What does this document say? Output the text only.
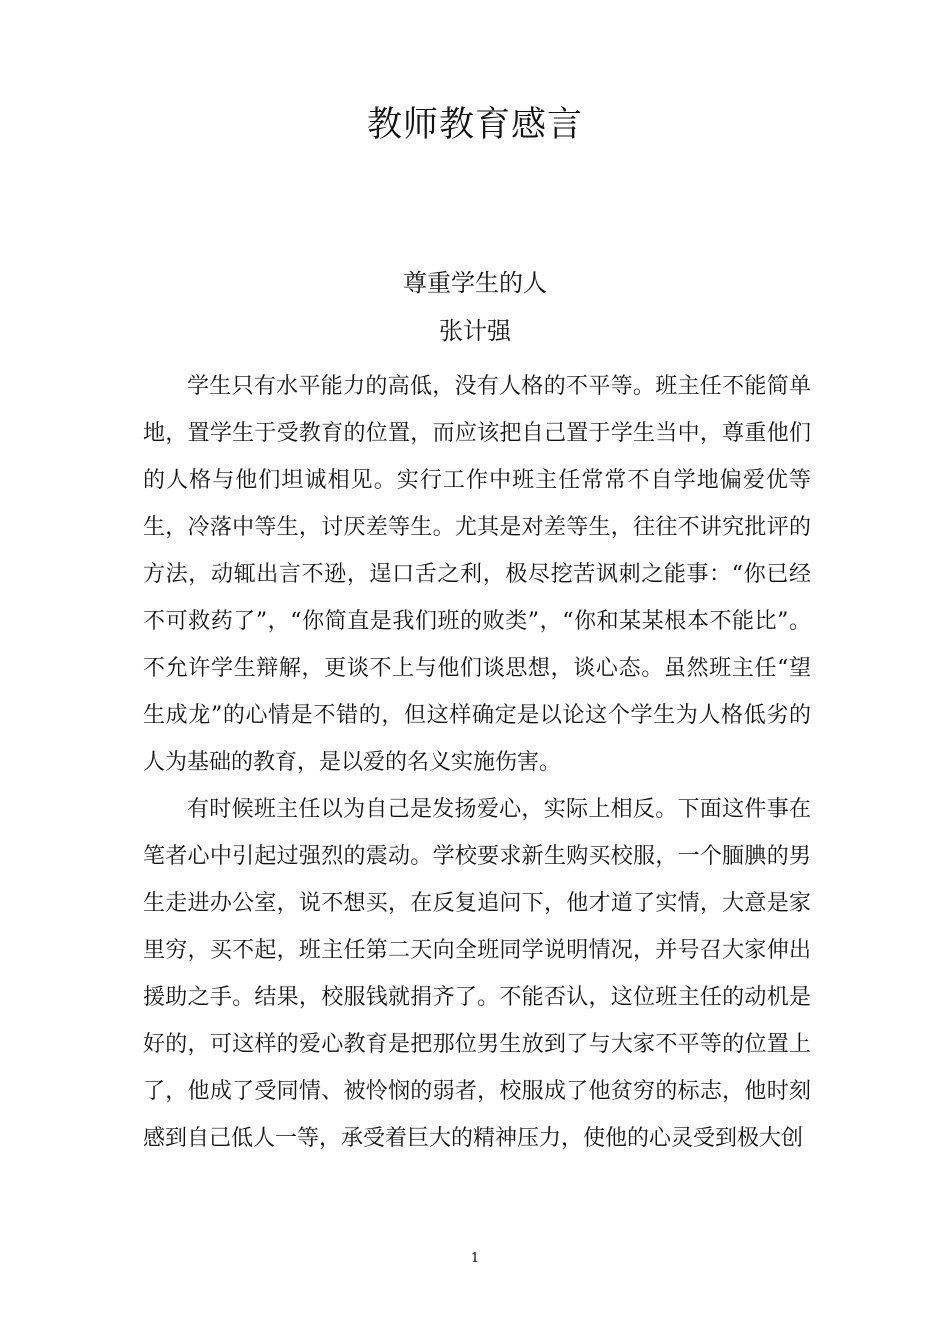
教师教育感言
尊重学生的人
张计强

学生只有水平能力的高低，没有人格的不平等。班主任不能简单地，置学生于受教育的位置，而应该把自己置于学生当中，尊重他们的人格与他们坦诚相见。实行工作中班主任常常不自学地偏爱优等生，冷落中等生，讨厌差等生。尤其是对差等生，往往不讲究批评的方法，动辄出言不逊，逞口舌之利，极尽挖苦讽刺之能事：“你已经不可救药了”，“你简直是我们班的败类”，“你和某某根本不能比”。不允许学生辩解，更谈不上与他们谈思想，谈心态。虽然班主任“望生成龙”的心情是不错的，但这样确定是以论这个学生为人格低劣的人为基础的教育，是以爱的名义实施伤害。

有时候班主任以为自己是发扬爱心，实际上相反。下面这件事在笔者心中引起过强烈的震动。学校要求新生购买校服，一个腼腆的男生走进办公室，说不想买，在反复追问下，他才道了实情，大意是家里穷，买不起，班主任第二天向全班同学说明情况，并号召大家伸出援助之手。结果，校服钱就捐齐了。不能否认，这位班主任的动机是好的，可这样的爱心教育是把那位男生放到了与大家不平等的位置上了，他成了受同情、被怜悯的弱者，校服成了他贫穷的标志，他时刻感到自己低人一等，承受着巨大的精神压力，使他的心灵受到极大创

1
